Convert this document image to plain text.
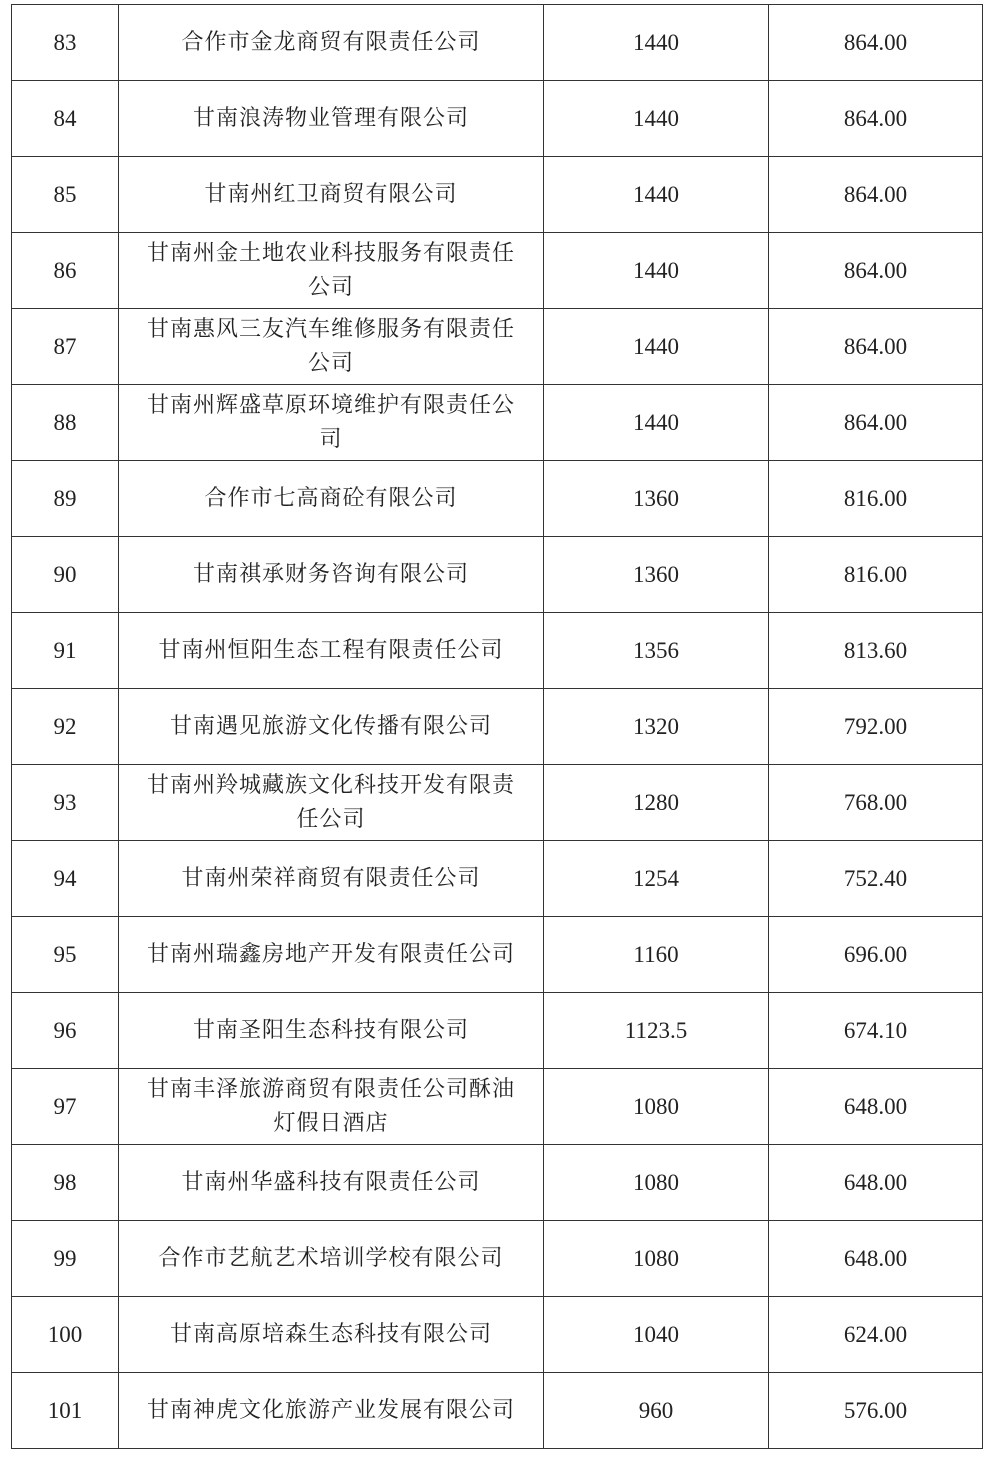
83	合作市金龙商贸有限责任公司	1440	864.00
84	甘南浪涛物业管理有限公司	1440	864.00
85	甘南州红卫商贸有限公司	1440	864.00
86	甘南州金土地农业科技服务有限责任公司	1440	864.00
87	甘南惠风三友汽车维修服务有限责任公司	1440	864.00
88	甘南州辉盛草原环境维护有限责任公司	1440	864.00
89	合作市七高商砼有限公司	1360	816.00
90	甘南祺承财务咨询有限公司	1360	816.00
91	甘南州恒阳生态工程有限责任公司	1356	813.60
92	甘南遇见旅游文化传播有限公司	1320	792.00
93	甘南州羚城藏族文化科技开发有限责任公司	1280	768.00
94	甘南州荣祥商贸有限责任公司	1254	752.40
95	甘南州瑞鑫房地产开发有限责任公司	1160	696.00
96	甘南圣阳生态科技有限公司	1123.5	674.10
97	甘南丰泽旅游商贸有限责任公司酥油灯假日酒店	1080	648.00
98	甘南州华盛科技有限责任公司	1080	648.00
99	合作市艺航艺术培训学校有限公司	1080	648.00
100	甘南高原培森生态科技有限公司	1040	624.00
101	甘南神虎文化旅游产业发展有限公司	960	576.00
